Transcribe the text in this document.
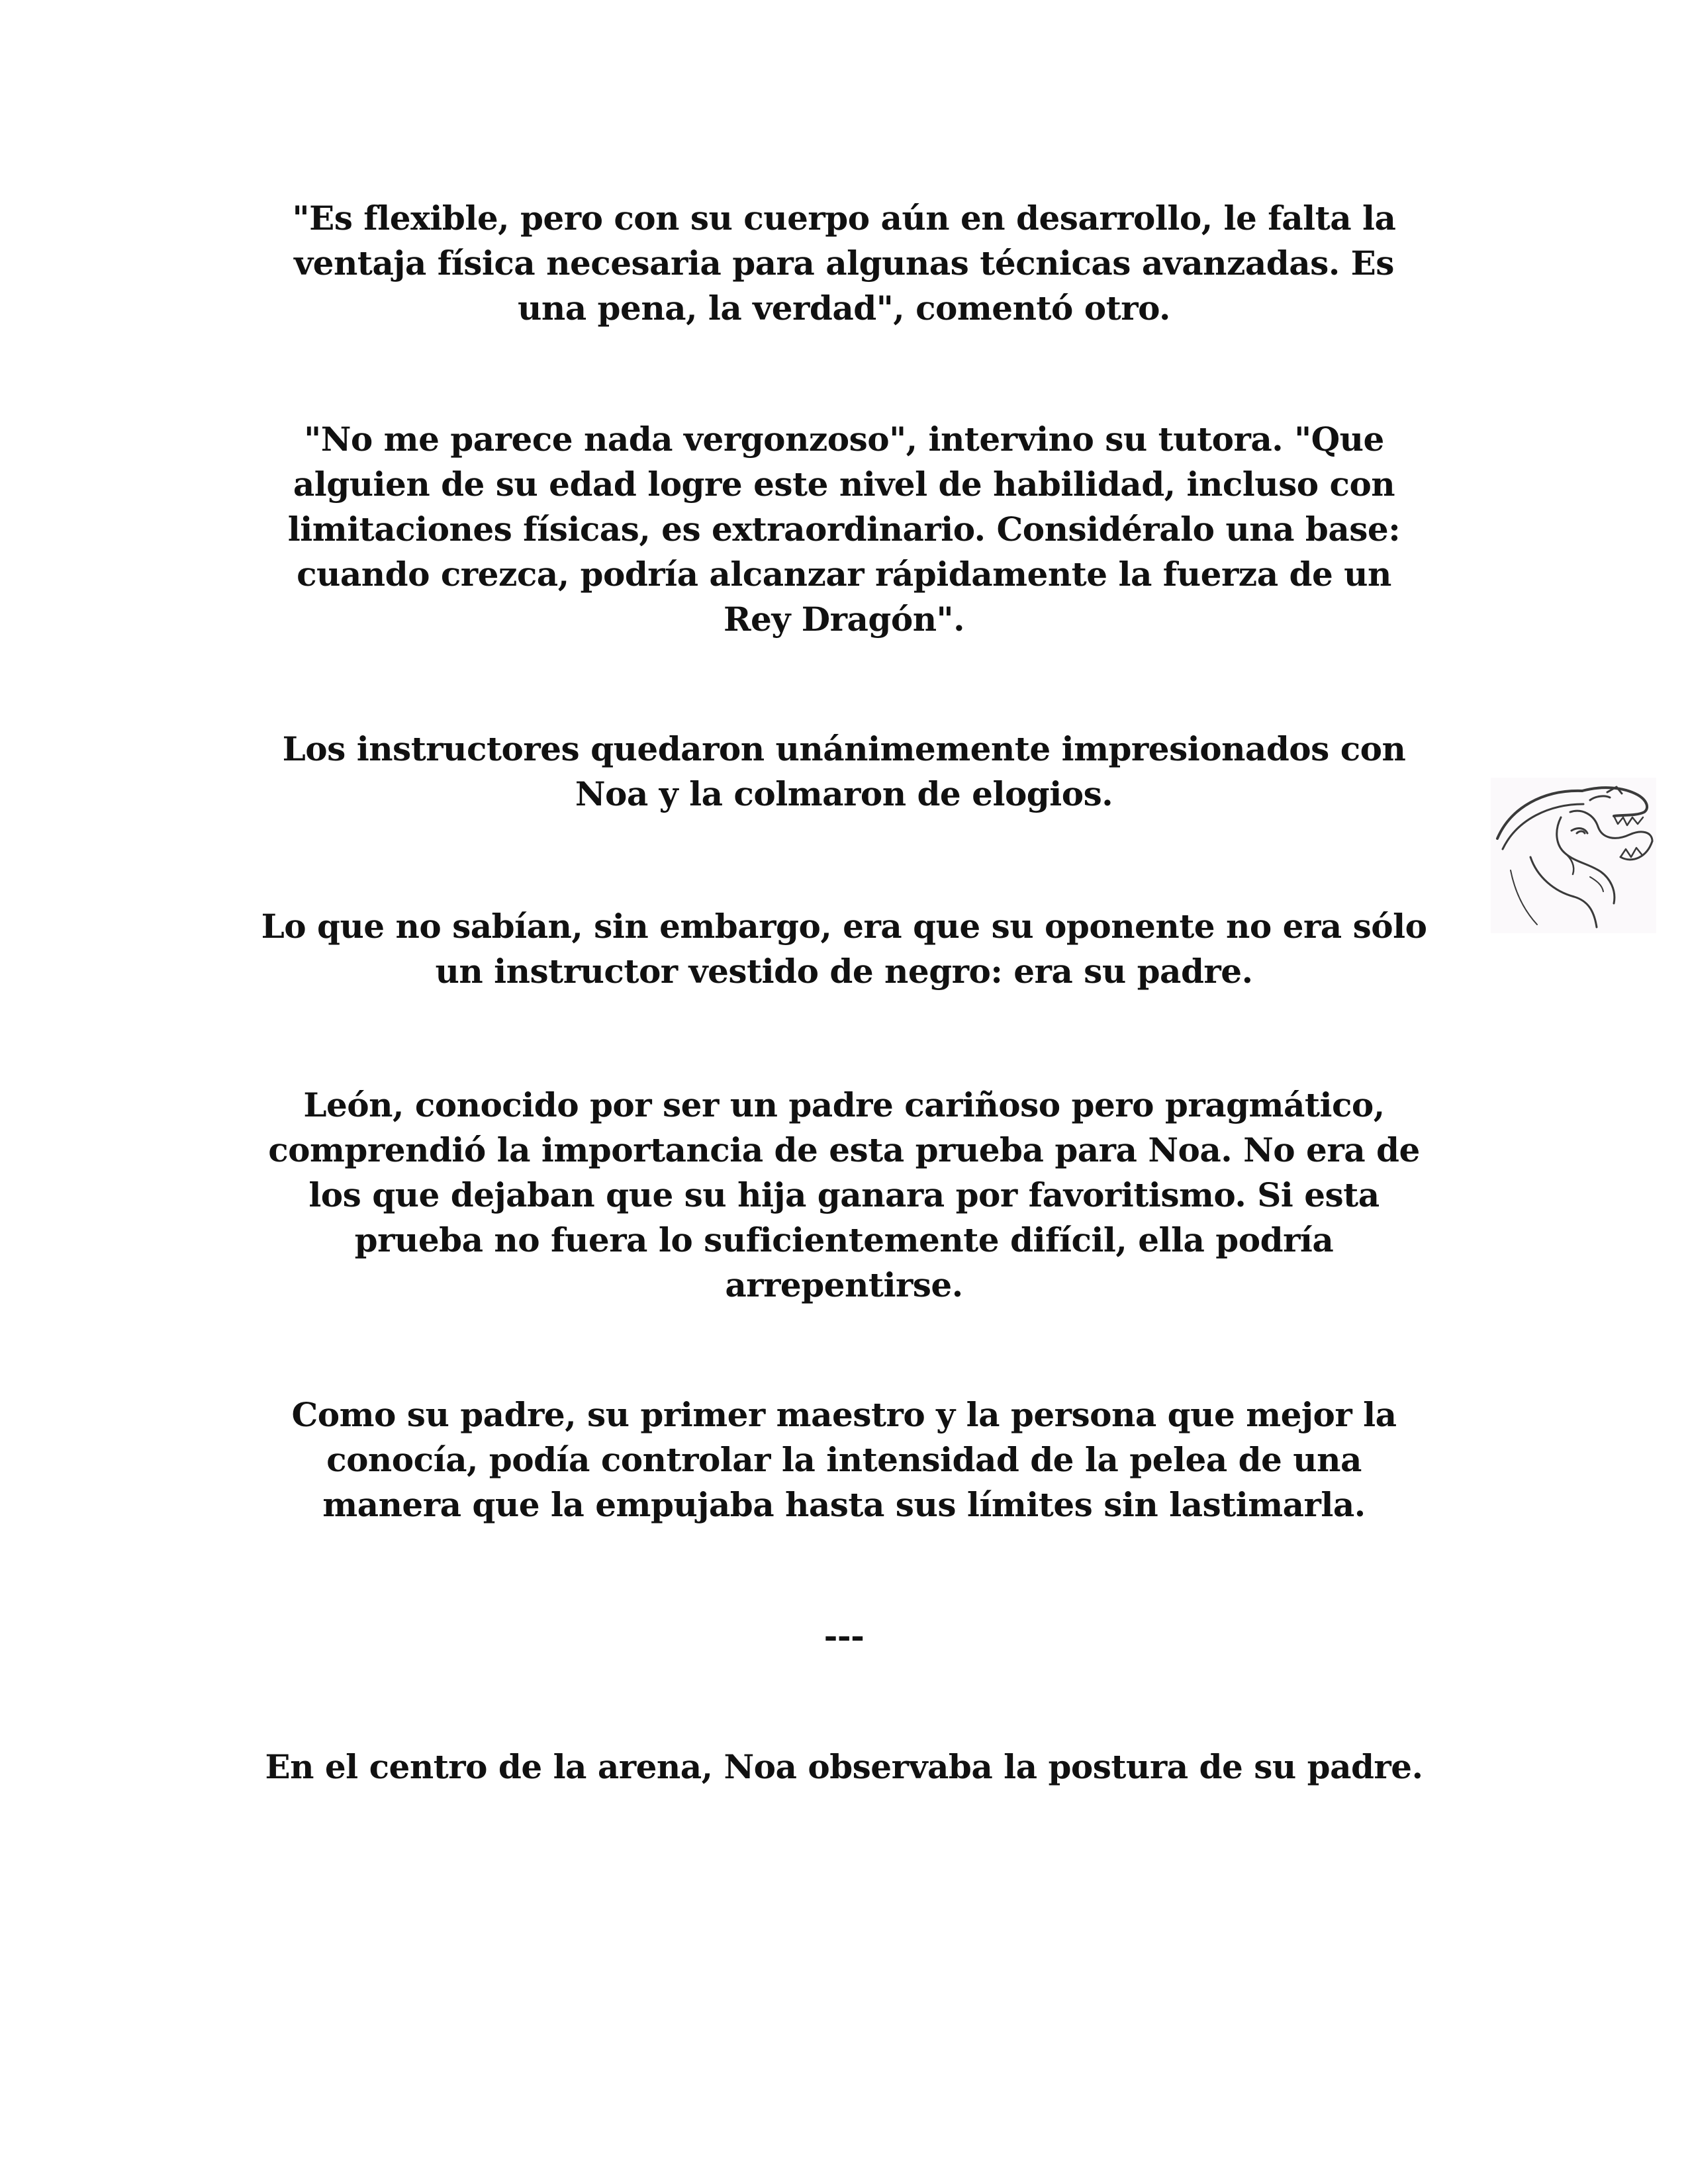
"Es flexible, pero con su cuerpo aún en desarrollo, le falta la
ventaja física necesaria para algunas técnicas avanzadas. Es
una pena, la verdad", comentó otro.
"No me parece nada vergonzoso", intervino su tutora. "Que
alguien de su edad logre este nivel de habilidad, incluso con
limitaciones físicas, es extraordinario. Considéralo una base:
cuando crezca, podría alcanzar rápidamente la fuerza de un
Rey Dragón".
Los instructores quedaron unánimemente impresionados con
Noa y la colmaron de elogios.
Lo que no sabían, sin embargo, era que su oponente no era sólo
un instructor vestido de negro: era su padre.
León, conocido por ser un padre cariñoso pero pragmático,
comprendió la importancia de esta prueba para Noa. No era de
los que dejaban que su hija ganara por favoritismo. Si esta
prueba no fuera lo suficientemente difícil, ella podría
arrepentirse.
Como su padre, su primer maestro y la persona que mejor la
conocía, podía controlar la intensidad de la pelea de una
manera que la empujaba hasta sus límites sin lastimarla.
---
En el centro de la arena, Noa observaba la postura de su padre.
